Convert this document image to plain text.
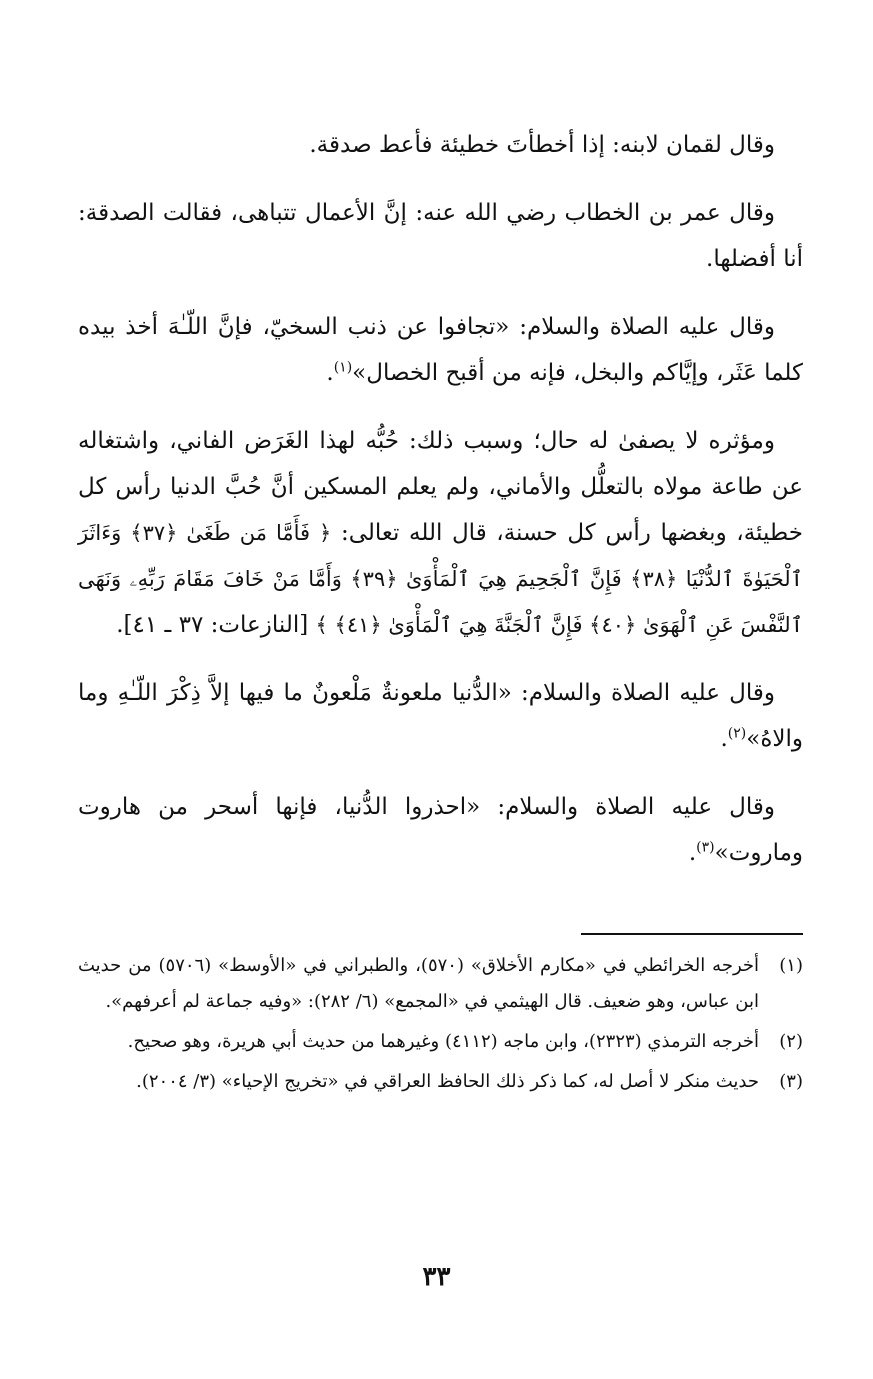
وقال لقمان لابنه: إذا أخطأتَ خطيئة فأعط صدقة.

وقال عمر بن الخطاب رضي الله عنه: إنَّ الأعمال تتباهى، فقالت الصدقة: أنا أفضلها.

وقال عليه الصلاة والسلام: «تجافوا عن ذنب السخيّ، فإنَّ اللّـٰهَ أخذ بيده كلما عَثَر، وإيَّاكم والبخل، فإنه من أقبح الخصال»$^{(١)}$.

ومؤثره لا يصفىٰ له حال؛ وسبب ذلك: حُبُّه لهذا الغَرَض الفاني، واشتغاله عن طاعة مولاه بالتعلُّل والأماني، ولم يعلم المسكين أنَّ حُبَّ الدنيا رأس كل خطيئة، وبغضها رأس كل حسنة، قال الله تعالى: ﴿ فَأَمَّا مَن طَغَىٰ ﴿٣٧﴾ وَءَاثَرَ ٱلْحَيَوٰةَ ٱلدُّنْيَا ﴿٣٨﴾ فَإِنَّ ٱلْجَحِيمَ هِيَ ٱلْمَأْوَىٰ ﴿٣٩﴾ وَأَمَّا مَنْ خَافَ مَقَامَ رَبِّهِۦ وَنَهَى ٱلنَّفْسَ عَنِ ٱلْهَوَىٰ ﴿٤٠﴾ فَإِنَّ ٱلْجَنَّةَ هِيَ ٱلْمَأْوَىٰ ﴿٤١﴾ ﴾ [النازعات: ٣٧ ـ ٤١].

وقال عليه الصلاة والسلام: «الدُّنيا ملعونةٌ مَلْعونٌ ما فيها إلاَّ ذِكْرَ اللّـٰهِ وما والاهُ»$^{(٢)}$.

وقال عليه الصلاة والسلام: «احذروا الدُّنيا، فإنها أسحر من هاروت وماروت»$^{(٣)}$.

(١)
أخرجه الخرائطي في «مكارم الأخلاق» (٥٧٠)، والطبراني في «الأوسط» (٥٧٠٦) من حديث ابن عباس، وهو ضعيف. قال الهيثمي في «المجمع» (٦/ ٢٨٢): «وفيه جماعة لم أعرفهم».
(٢)
أخرجه الترمذي (٢٣٢٣)، وابن ماجه (٤١١٢) وغيرهما من حديث أبي هريرة، وهو صحيح.
(٣)
حديث منكر لا أصل له، كما ذكر ذلك الحافظ العراقي في «تخريج الإحياء» (٣/ ٢٠٠٤).
٣٣
